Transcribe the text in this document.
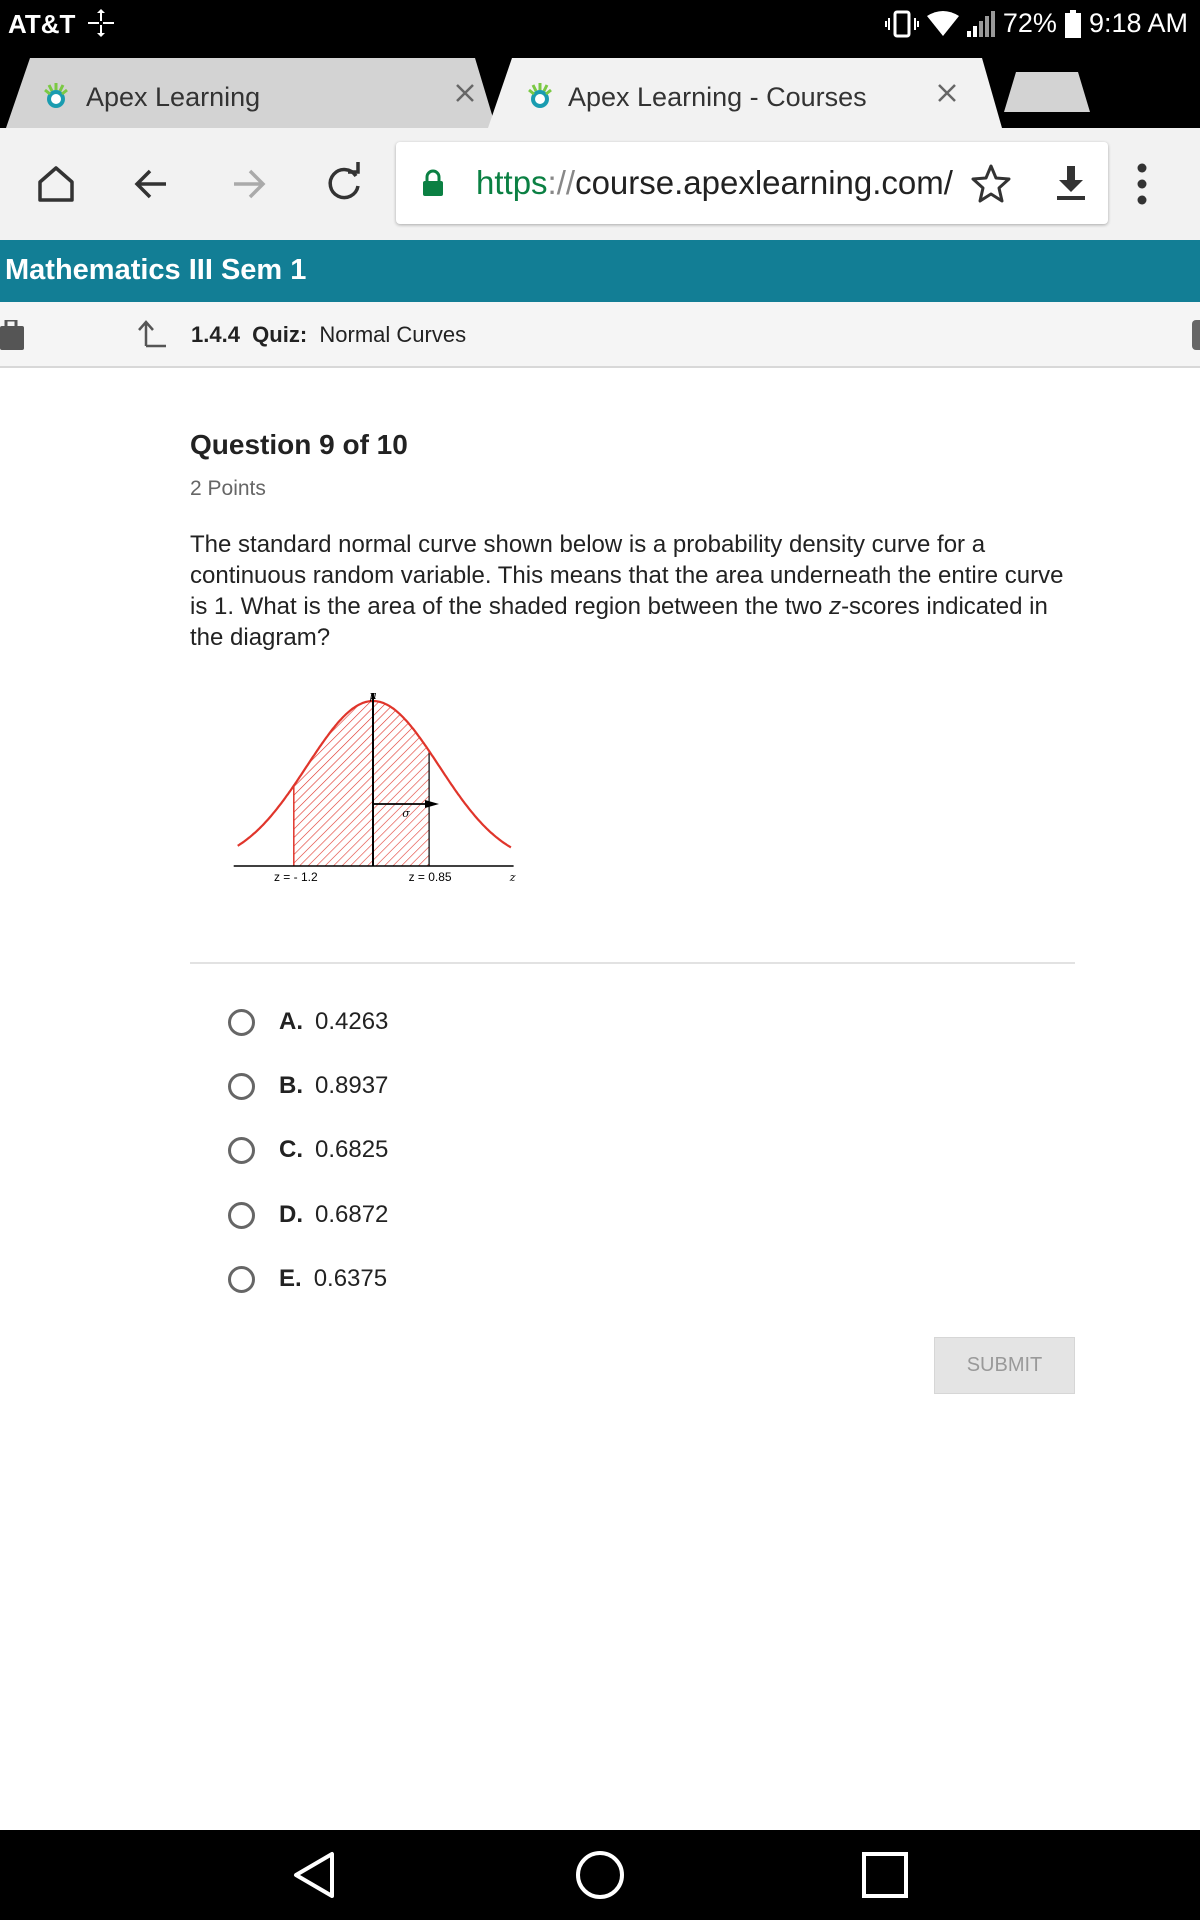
AT&T	72% 9:18 AM
Apex Learning	Apex Learning - Courses
https://course.apexlearning.com/
Mathematics III Sem 1
1.4.4 Quiz: Normal Curves
Question 9 of 10
2 Points
The standard normal curve shown below is a probability density curve for a continuous random variable. This means that the area underneath the entire curve is 1. What is the area of the shaded region between the two z-scores indicated in the diagram?
μ
σ
z = - 1.2	z = 0.85	z
A. 0.4263
B. 0.8937
C. 0.6825
D. 0.6872
E. 0.6375
SUBMIT
